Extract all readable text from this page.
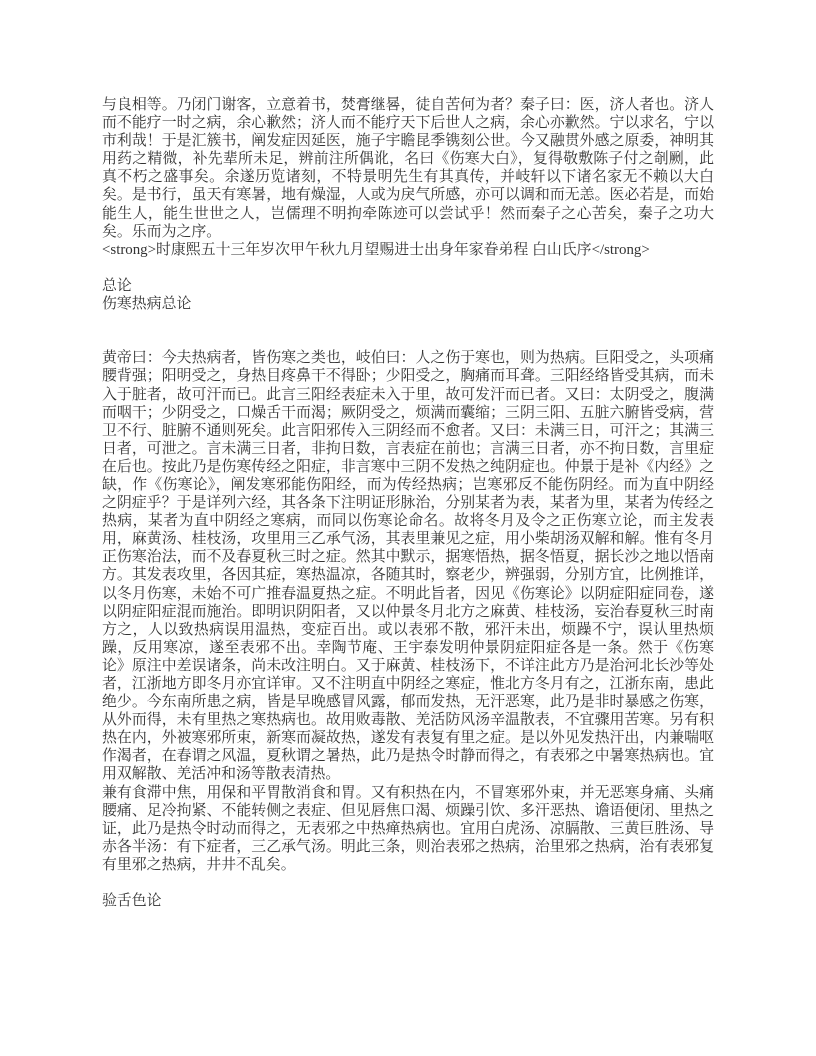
与良相等。乃闭门谢客，立意着书，焚膏继晷，徒自苦何为者？秦子曰：医，济人者也。济人而不能疗一时之病，余心歉然；济人而不能疗天下后世人之病，余心亦歉然。宁以求名，宁以市利哉！于是汇簇书，阐发症因延医，施子宇瞻昆季镌刻公世。今又融贯外感之原委，神明其用药之精微，补先辈所未足，辨前注所偶讹，名曰《伤寒大白》，复得敬敷陈子付之剞劂，此真不朽之盛事矣。余遂历览诸刻，不特景明先生有其真传，并岐轩以下诸名家无不赖以大白矣。是书行，虽天有寒暑，地有燥湿，人或为戾气所感，亦可以调和而无恙。医必若是，而始能生人，能生世世之人，岂儒理不明拘牵陈迹可以尝试乎！然而秦子之心苦矣，秦子之功大矣。乐而为之序。

<strong>时康熙五十三年岁次甲午秋九月望赐进士出身年家眷弟程 白山氏序</strong>

总论
伤寒热病总论

黄帝曰：今夫热病者，皆伤寒之类也，岐伯曰：人之伤于寒也，则为热病。巨阳受之，头项痛腰背强；阳明受之，身热目疼鼻干不得卧；少阳受之，胸痛而耳聋。三阳经络皆受其病，而未入于脏者，故可汗而已。此言三阳经表症未入于里，故可发汗而已者。又曰：太阴受之，腹满而咽干；少阴受之，口燥舌干而渴；厥阴受之，烦满而囊缩；三阴三阳、五脏六腑皆受病，营卫不行、脏腑不通则死矣。此言阳邪传入三阴经而不愈者。又曰：未满三日，可汗之；其满三日者，可泄之。言未满三日者，非拘日数，言表症在前也；言满三日者，亦不拘日数，言里症在后也。按此乃是伤寒传经之阳症，非言寒中三阴不发热之纯阴症也。仲景于是补《内经》之缺，作《伤寒论》，阐发寒邪能伤阳经，而为传经热病；岂寒邪反不能伤阴经。而为直中阴经之阴症乎？于是详列六经，其各条下注明证形脉治，分别某者为表，某者为里，某者为传经之热病，某者为直中阴经之寒病，而同以伤寒论命名。故将冬月及令之正伤寒立论，而主发表用，麻黄汤、桂枝汤，攻里用三乙承气汤，其表里兼见之症，用小柴胡汤双解和解。惟有冬月正伤寒治法，而不及春夏秋三时之症。然其中默示，据寒悟热，据冬悟夏，据长沙之地以悟南方。其发表攻里，各因其症，寒热温凉，各随其时，察老少，辨强弱，分别方宜，比例推详，以冬月伤寒，未始不可广推春温夏热之症。不明此旨者，因见《伤寒论》以阴症阳症同卷，遂以阴症阳症混而施治。即明识阴阳者，又以仲景冬月北方之麻黄、桂枝汤，妄治春夏秋三时南方之，人以致热病误用温热，变症百出。或以表邪不散，邪汗未出，烦躁不宁，误认里热烦躁，反用寒凉，遂至表邪不出。幸陶节庵、王宇泰发明仲景阴症阳症各是一条。然于《伤寒论》原注中差误诸条，尚未改注明白。又于麻黄、桂枝汤下，不详注此方乃是治河北长沙等处者，江浙地方即冬月亦宜详审。又不注明直中阴经之寒症，惟北方冬月有之，江浙东南，患此绝少。今东南所患之病，皆是早晚感冒风露，郁而发热，无汗恶寒，此乃是非时暴感之伤寒，从外而得，未有里热之寒热病也。故用败毒散、羌活防风汤辛温散表，不宜骤用苦寒。另有积热在内，外被寒邪所束，新寒而凝故热，遂发有表复有里之症。是以外见发热汗出，内兼喘呕作渴者，在春谓之风温，夏秋谓之暑热，此乃是热令时静而得之，有表邪之中暑寒热病也。宜用双解散、羌活冲和汤等散表清热。

兼有食滞中焦，用保和平胃散消食和胃。又有积热在内，不冒寒邪外束，并无恶寒身痛、头痛腰痛、足冷拘紧、不能转侧之表症、但见唇焦口渴、烦躁引饮、多汗恶热、谵语便闭、里热之证，此乃是热令时动而得之，无表邪之中热瘅热病也。宜用白虎汤、凉膈散、三黄巨胜汤、导赤各半汤：有下症者，三乙承气汤。明此三条，则治表邪之热病，治里邪之热病，治有表邪复有里邪之热病，井井不乱矣。

验舌色论
